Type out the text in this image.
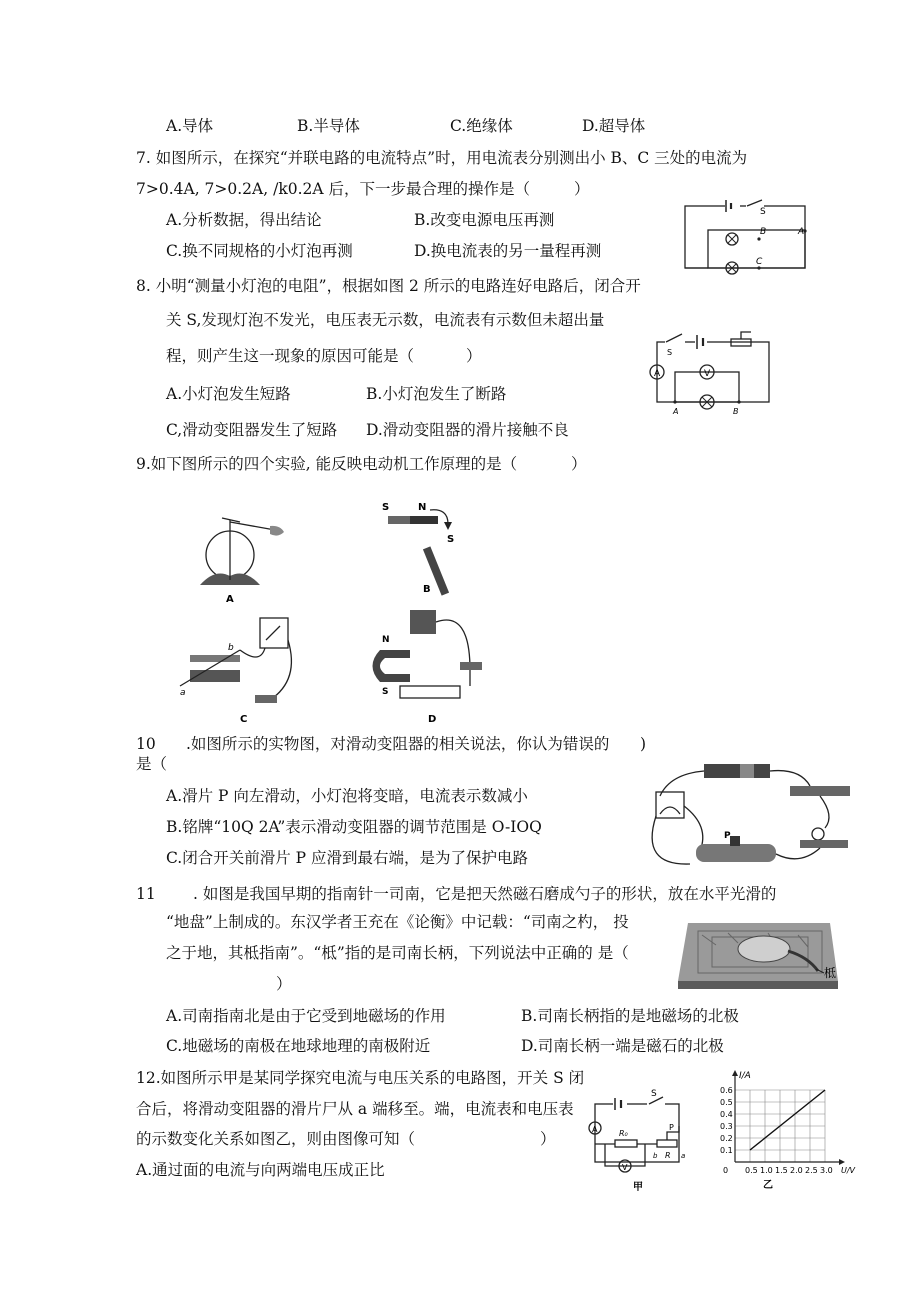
A.导体	B.半导体	C.绝缘体	D.超导体
7. 如图所示，在探究“并联电路的电流特点”时，用电流表分别测出小 B、C 三处的电流为
7>0.4A, 7>0.2A, /k0.2A 后，下一步最合理的操作是（	）
A.分析数据，得出结论	B.改变电源电压再测
C.换不同规格的小灯泡再测	D.换电流表的另一量程再测
S
B
C
A
8. 小明“测量小灯泡的电阻”，根据如图 2 所示的电路连好电路后，闭合开
关 S,发现灯泡不发光，电压表无示数，电流表有示数但未超出量
程，则产生这一现象的原因可能是（	）
A.小灯泡发生短路	B.小灯泡发生了断路
C,滑动变阻器发生了短路 D.滑动变阻器的滑片接触不良
S
A	V
A	B
9.如下图所示的四个实验, 能反映电动机工作原理的是（	）
A
S	N
S
B
a
b
C
N
S
D
10 .如图所示的实物图，对滑动变阻器的相关说法，你认为错误的 )
是（
A.滑片 P 向左滑动，小灯泡将变暗，电流表示数减小
B.铭牌“10Q 2A”表示滑动变阻器的调节范围是 O-IOQ
C.闭合开关前滑片 P 应滑到最右端，是为了保护电路
P
11 . 如图是我国早期的指南针一司南，它是把天然磁石磨成勺子的形状，放在水平光滑的
“地盘”上制成的。东汉学者王充在《论衡》中记载：“司南之杓， 投
之于地，其柢指南”。“柢”指的是司南长柄，下列说法中正确的 是（
）
A.司南指南北是由于它受到地磁场的作用	B.司南长柄指的是地磁场的北极
C.地磁场的南极在地球地理的南极附近	D.司南长柄一端是磁石的北极
柢
12.如图所示甲是某同学探究电流与电压关系的电路图，开关 S 闭
合后，将滑动变阻器的滑片尸从 a 端移至。端，电流表和电压表
的示数变化关系如图乙，则由图像可知（	）
A.通过面的电流与向两端电压成正比
S
A	R₀
P
R
b	a
V
甲
0 0.5 1.0 1.5 2.0 2.5 3.0
0.1
0.2
0.3
0.4
0.5
0.6
I/A
U/V
乙
